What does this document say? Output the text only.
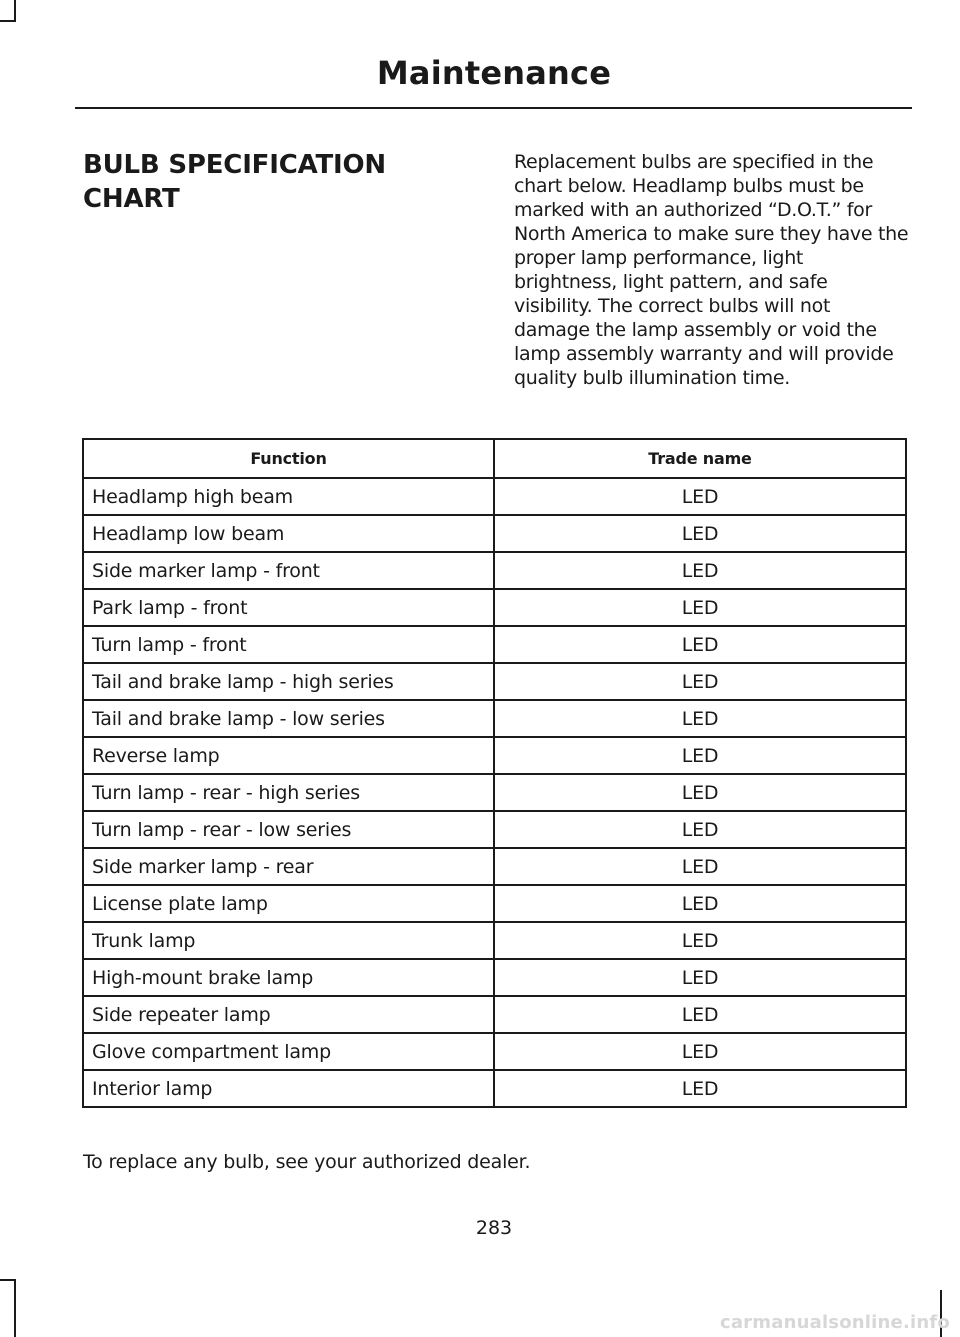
Maintenance
BULB SPECIFICATION CHART
Replacement bulbs are specified in the chart below. Headlamp bulbs must be marked with an authorized “D.O.T.” for North America to make sure they have the proper lamp performance, light brightness, light pattern, and safe visibility. The correct bulbs will not damage the lamp assembly or void the lamp assembly warranty and will provide quality bulb illumination time.
Function	Trade name
Headlamp high beam	LED
Headlamp low beam	LED
Side marker lamp - front	LED
Park lamp - front	LED
Turn lamp - front	LED
Tail and brake lamp - high series	LED
Tail and brake lamp - low series	LED
Reverse lamp	LED
Turn lamp - rear - high series	LED
Turn lamp - rear - low series	LED
Side marker lamp - rear	LED
License plate lamp	LED
Trunk lamp	LED
High-mount brake lamp	LED
Side repeater lamp	LED
Glove compartment lamp	LED
Interior lamp	LED
To replace any bulb, see your authorized dealer.
283
carmanualsonline.info
